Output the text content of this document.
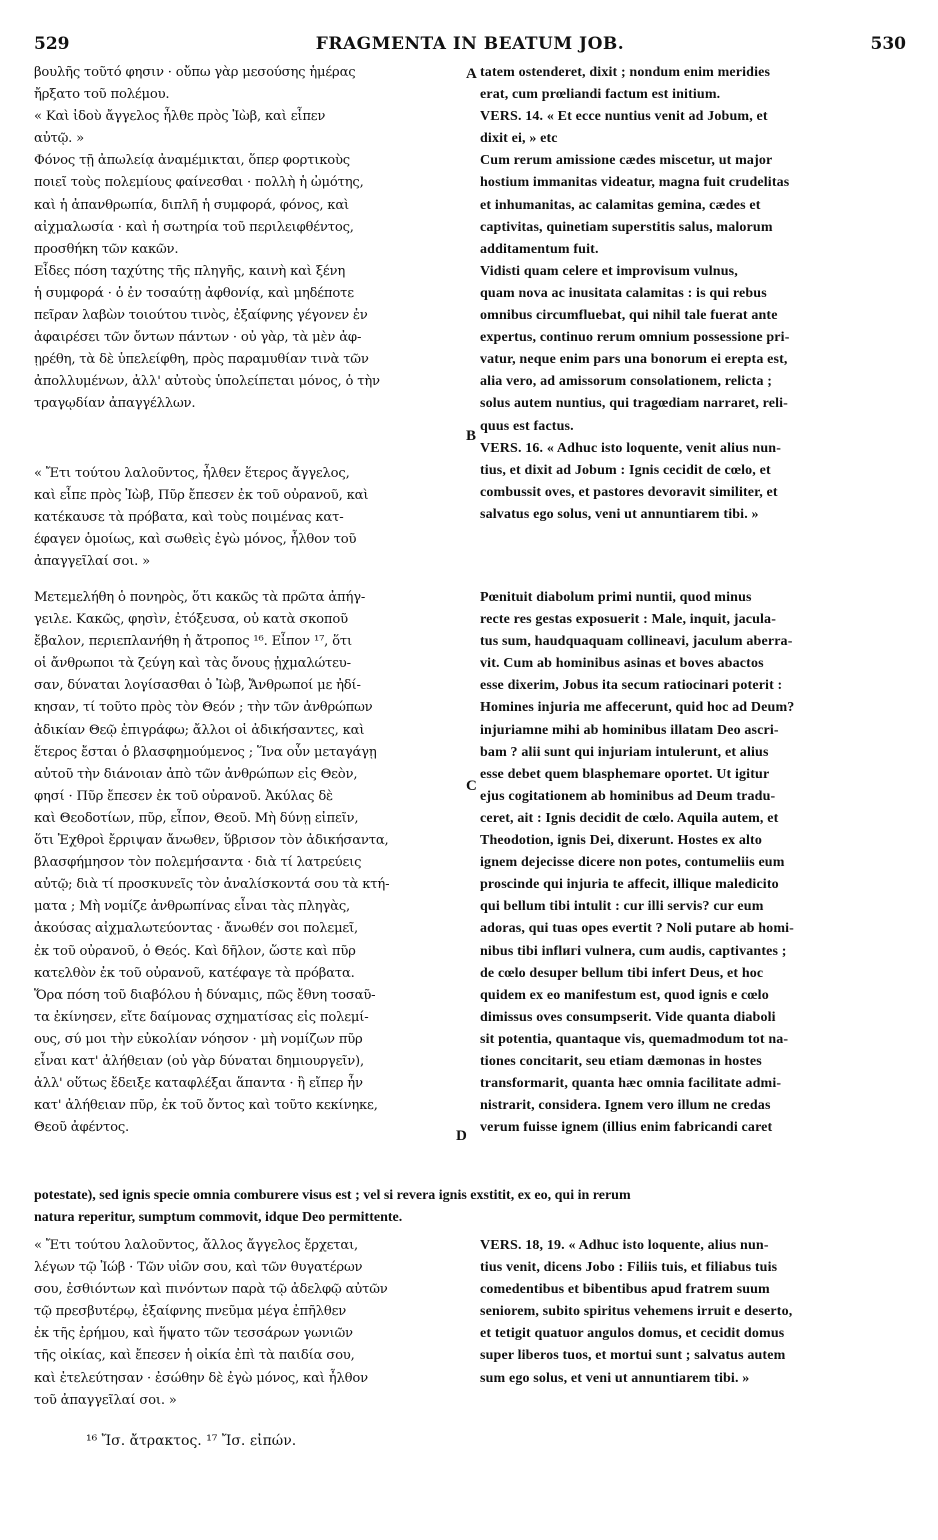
529	FRAGMENTA IN BEATUM JOB.	530
βουλῆς τοῦτό φησιν · οὔπω γὰρ μεσούσης ἡμέρας
ἤρξατο τοῦ πολέμου.
« Καὶ ἰδοὺ ἄγγελος ἦλθε πρὸς Ἰὼβ, καὶ εἶπεν
αὐτῷ. »
Φόνος τῇ ἀπωλείᾳ ἀναμέμικται, ὅπερ φορτικοὺς
ποιεῖ τοὺς πολεμίους φαίνεσθαι · πολλὴ ἡ ὠμότης,
καὶ ἡ ἀπανθρωπία, διπλῆ ἡ συμφορά, φόνος, καὶ
αἰχμαλωσία · καὶ ἡ σωτηρία τοῦ περιλειφθέντος,
προσθήκη τῶν κακῶν.
Εἶδες πόση ταχύτης τῆς πληγῆς, καινὴ καὶ ξένη
ἡ συμφορά · ὁ ἐν τοσαύτῃ ἀφθονίᾳ, καὶ μηδέποτε
πεῖραν λαβὼν τοιούτου τινὸς, ἐξαίφνης γέγονεν ἐν
ἀφαιρέσει τῶν ὄντων πάντων · οὐ γὰρ, τὰ μὲν ἀφ-
ῃρέθη, τὰ δὲ ὑπελείφθη, πρὸς παραμυθίαν τινὰ τῶν
ἀπολλυμένων, ἀλλ' αὐτοὺς ὑπολείπεται μόνος, ὁ τὴν
τραγῳδίαν ἀπαγγέλλων.
« Ἔτι τούτου λαλοῦντος, ἦλθεν ἕτερος ἄγγελος,
καὶ εἶπε πρὸς Ἰὼβ, Πῦρ ἔπεσεν ἐκ τοῦ οὐρανοῦ, καὶ
κατέκαυσε τὰ πρόβατα, καὶ τοὺς ποιμένας κατ-
έφαγεν ὁμοίως, καὶ σωθεὶς ἐγὼ μόνος, ἦλθον τοῦ
ἀπαγγεῖλαί σοι. »
Μετεμελήθη ὁ πονηρὸς, ὅτι κακῶς τὰ πρῶτα ἀπήγ-
γειλε. Κακῶς, φησὶν, ἐτόξευσα, οὐ κατὰ σκοποῦ
ἔβαλον, περιεπλανήθη ἡ ἄτροπος ¹⁶. Εἶπον ¹⁷, ὅτι
οἱ ἄνθρωποι τὰ ζεύγη καὶ τὰς ὄνους ᾐχμαλώτευ-
σαν, δύναται λογίσασθαι ὁ Ἰὼβ, Ἄνθρωποί με ἠδί-
κησαν, τί τοῦτο πρὸς τὸν Θεόν ; τὴν τῶν ἀνθρώπων
ἀδικίαν Θεῷ ἐπιγράφω; ἄλλοι οἱ ἀδικήσαντες, καὶ
ἕτερος ἔσται ὁ βλασφημούμενος ; Ἵνα οὖν μεταγάγῃ
αὐτοῦ τὴν διάνοιαν ἀπὸ τῶν ἀνθρώπων εἰς Θεὸν,
φησί · Πῦρ ἔπεσεν ἐκ τοῦ οὐρανοῦ. Ἀκύλας δὲ
καὶ Θεοδοτίων, πῦρ, εἶπον, Θεοῦ. Μὴ δύνῃ εἰπεῖν,
ὅτι Ἐχθροὶ ἔρριψαν ἄνωθεν, ὕβρισον τὸν ἀδικήσαντα,
βλασφήμησον τὸν πολεμήσαντα · διὰ τί λατρεύεις
αὐτῷ; διὰ τί προσκυνεῖς τὸν ἀναλίσκοντά σου τὰ κτή-
ματα ; Μὴ νομίζε ἀνθρωπίνας εἶναι τὰς πληγὰς,
ἀκούσας αἰχμαλωτεύοντας · ἄνωθέν σοι πολεμεῖ,
ἐκ τοῦ οὐρανοῦ, ὁ Θεός. Καὶ δῆλον, ὥστε καὶ πῦρ
κατελθὸν ἐκ τοῦ οὐρανοῦ, κατέφαγε τὰ πρόβατα.
Ὅρα πόση τοῦ διαβόλου ἡ δύναμις, πῶς ἔθνη τοσαῦ-
τα ἐκίνησεν, εἴτε δαίμονας σχηματίσας εἰς πολεμί-
ους, σύ μοι τὴν εὐκολίαν νόησον · μὴ νομίζων πῦρ
εἶναι κατ' ἀλήθειαν (οὐ γὰρ δύναται δημιουργεῖν),
ἀλλ' οὕτως ἔδειξε καταφλέξαι ἅπαντα · ἢ εἴπερ ἦν
κατ' ἀλήθειαν πῦρ, ἐκ τοῦ ὄντος καὶ τοῦτο κεκίνηκε,
Θεοῦ ἀφέντος.
« Ἔτι τούτου λαλοῦντος, ἄλλος ἄγγελος ἔρχεται,
λέγων τῷ Ἰώβ · Τῶν υἱῶν σου, καὶ τῶν θυγατέρων
σου, ἐσθιόντων καὶ πινόντων παρὰ τῷ ἀδελφῷ αὐτῶν
τῷ πρεσβυτέρῳ, ἐξαίφνης πνεῦμα μέγα ἐπῆλθεν
ἐκ τῆς ἐρήμου, καὶ ἥψατο τῶν τεσσάρων γωνιῶν
τῆς οἰκίας, καὶ ἔπεσεν ἡ οἰκία ἐπὶ τὰ παιδία σου,
καὶ ἐτελεύτησαν · ἐσώθην δὲ ἐγὼ μόνος, καὶ ἦλθον
τοῦ ἀπαγγεῖλαί σοι. »
tatem ostenderet, dixit ; nondum enim meridies
erat, cum prœliandi factum est initium.
VERS. 14. « Et ecce nuntius venit ad Jobum, et
dixit ei, » etc
Cum rerum amissione cædes miscetur, ut major
hostium immanitas videatur, magna fuit crudelitas
et inhumanitas, ac calamitas gemina, cædes et
captivitas, quinetiam superstitis salus, malorum
additamentum fuit.
Vidisti quam celere et improvisum vulnus,
quam nova ac inusitata calamitas : is qui rebus
omnibus circumfluebat, qui nihil tale fuerat ante
expertus, continuo rerum omnium possessione pri-
vatur, neque enim pars una bonorum ei erepta est,
alia vero, ad amissorum consolationem, relicta ;
solus autem nuntius, qui tragœdiam narraret, reli-
quus est factus.
VERS. 16. « Adhuc isto loquente, venit alius nun-
tius, et dixit ad Jobum : Ignis cecidit de cœlo, et
combussit oves, et pastores devoravit similiter, et
salvatus ego solus, veni ut annuntiarem tibi. »
Pœnituit diabolum primi nuntii, quod minus
recte res gestas exposuerit : Male, inquit, jacula-
tus sum, haudquaquam collineavi, jaculum aberra-
vit. Cum ab hominibus asinas et boves abactos
esse dixerim, Jobus ita secum ratiocinari poterit :
Homines injuria me affecerunt, quid hoc ad Deum?
injuriamne mihi ab hominibus illatam Deo ascri-
bam ? alii sunt qui injuriam intulerunt, et alius
esse debet quem blasphemare oportet. Ut igitur
ejus cogitationem ab hominibus ad Deum tradu-
ceret, ait : Ignis decidit de cœlo. Aquila autem, et
Theodotion, ignis Dei, dixerunt. Hostes ex alto
ignem dejecisse dicere non potes, contumeliis eum
proscinde qui injuria te affecit, illique maledicito
qui bellum tibi intulit : cur illi servis? cur eum
adoras, qui tuas opes evertit ? Noli putare ab homi-
nibus tibi inflигi vulnera, cum audis, captivantes ;
de cœlo desuper bellum tibi infert Deus, et hoc
quidem ex eo manifestum est, quod ignis e cœlo
dimissus oves consumpserit. Vide quanta diaboli
sit potentia, quantaque vis, quemadmodum tot na-
tiones concitarit, seu etiam dæmonas in hostes
transformarit, quanta hæc omnia facilitate admi-
nistrarit, considera. Ignem vero illum ne credas
verum fuisse ignem (illius enim fabricandi caret
VERS. 18, 19. « Adhuc isto loquente, alius nun-
tius venit, dicens Jobo : Filiis tuis, et filiabus tuis
comedentibus et bibentibus apud fratrem suum
seniorem, subito spiritus vehemens irruit e deserto,
et tetigit quatuor angulos domus, et cecidit domus
super liberos tuos, et mortui sunt ; salvatus autem
sum ego solus, et veni ut annuntiarem tibi. »
potestate), sed ignis specie omnia comburere visus est ; vel si revera ignis exstitit, ex eo, qui in rerum
natura reperitur, sumptum commovit, idque Deo permittente.
A
B
C
D
¹⁶ Ἴσ. ἄτρακτος. ¹⁷ Ἴσ. εἰπών.
